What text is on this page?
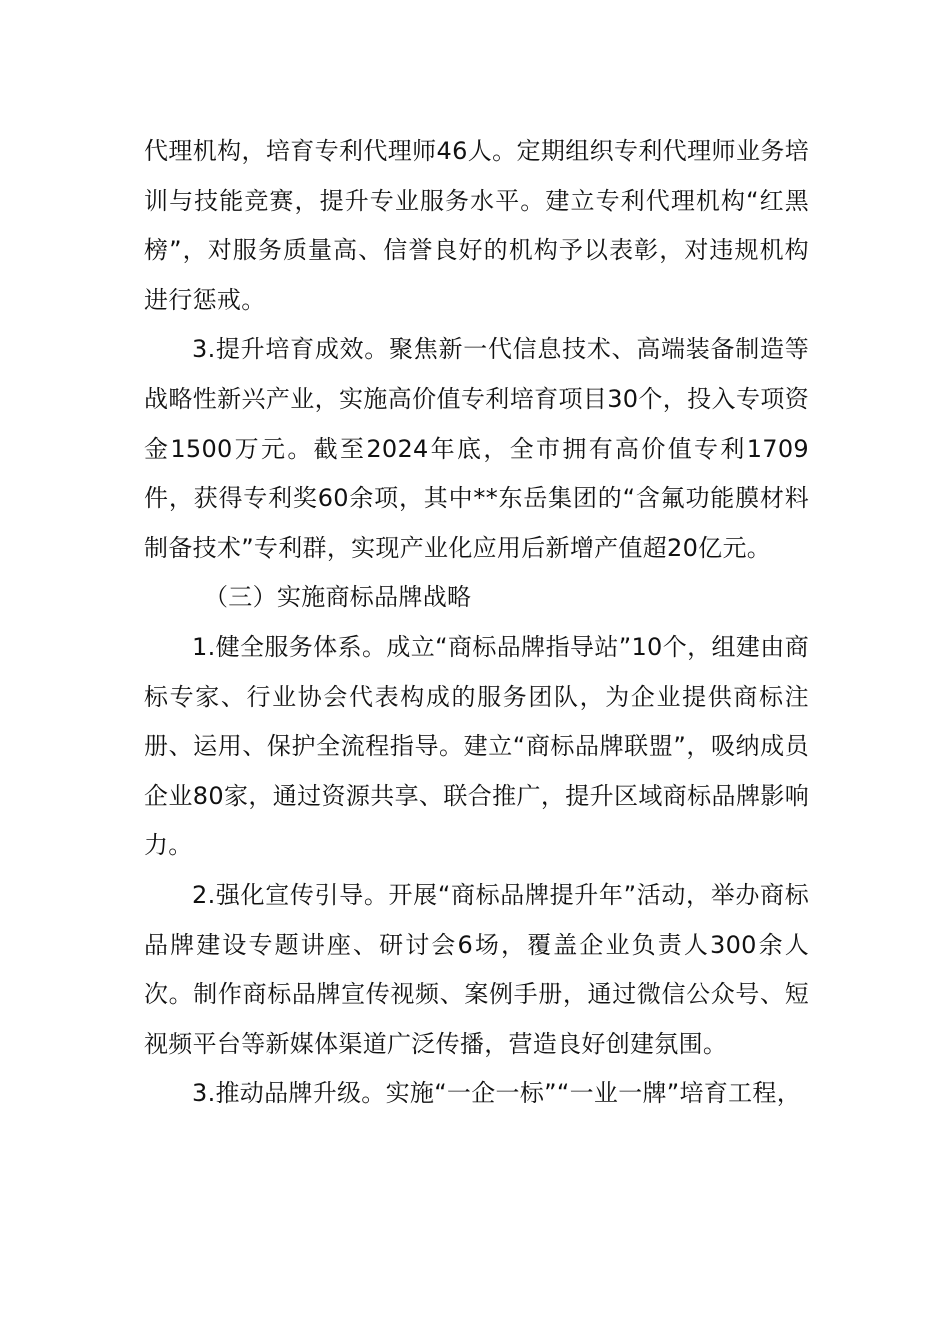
代理机构，培育专利代理师46人。定期组织专利代理师业务培训与技能竞赛，提升专业服务水平。建立专利代理机构“红黑榜”，对服务质量高、信誉良好的机构予以表彰，对违规机构进行惩戒。

3.提升培育成效。聚焦新一代信息技术、高端装备制造等战略性新兴产业，实施高价值专利培育项目30个，投入专项资金1500万元。截至2024年底，全市拥有高价值专利1709件，获得专利奖60余项，其中**东岳集团的“含氟功能膜材料制备技术”专利群，实现产业化应用后新增产值超20亿元。

（三）实施商标品牌战略

1.健全服务体系。成立“商标品牌指导站”10个，组建由商标专家、行业协会代表构成的服务团队，为企业提供商标注册、运用、保护全流程指导。建立“商标品牌联盟”，吸纳成员企业80家，通过资源共享、联合推广，提升区域商标品牌影响力。

2.强化宣传引导。开展“商标品牌提升年”活动，举办商标品牌建设专题讲座、研讨会6场，覆盖企业负责人300余人次。制作商标品牌宣传视频、案例手册，通过微信公众号、短视频平台等新媒体渠道广泛传播，营造良好创建氛围。

3.推动品牌升级。实施“一企一标”“一业一牌”培育工程，
